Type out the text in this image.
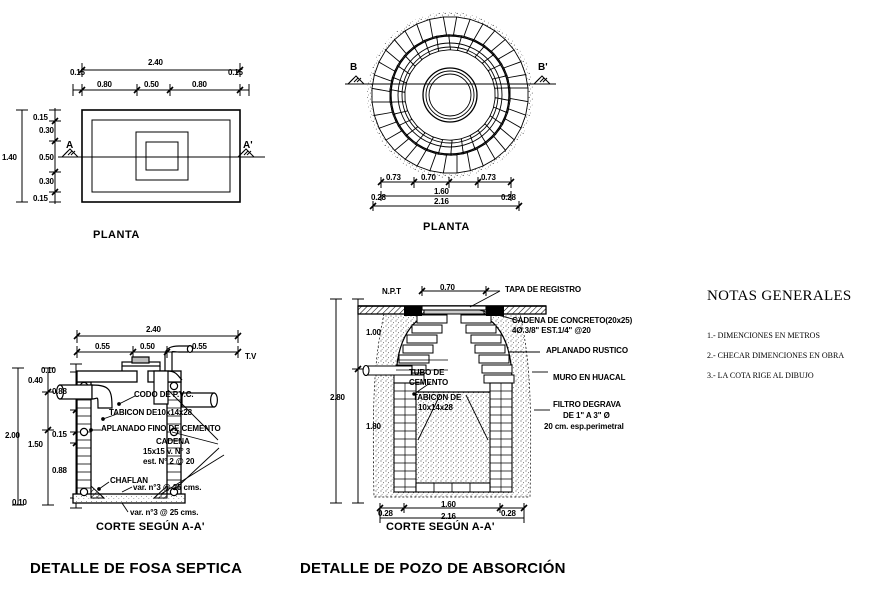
2.40
0.15
0.80	0.50	0.80
0.15
0.15
0.30
0.50
0.30
0.15
1.40
A	A'
PLANTA
B	B'
0.73	0.70	0.73
0.28
1.60
0.28
2.16
PLANTA
2.40
0.55	0.50	0.55
2.00
1.50
0.40
0.10
0.88
0.15
0.88
0.10
T.V
CODO DE P.V.C.
TABICON DE10x14x28
APLANADO FINO DE CEMENTO
CADENA
15x15 v. N° 3
est. N° 2 @ 20
CHAFLAN
var. n°3 @ 25 cms.
var. n°3 @ 25 cms.
CORTE SEGÚN A-A'
N.P.T	0.70	TAPA DE REGISTRO
CADENA DE CONCRETO(20x25)
4Ø 3/8" EST.1/4" @20
APLANADO RUSTICO
MURO EN HUACAL
TUBO DE
CEMENTO
TABICON DE
10x14x28	FILTRO DEGRAVA
DE 1" A 3" Ø
20 cm. esp.perimetral
1.00
2.80
1.80
0.28
1.60
0.28
2.16
CORTE SEGÚN A-A'
NOTAS GENERALES
1.- DIMENCIONES EN METROS
2.- CHECAR DIMENCIONES EN OBRA
3.- LA COTA RIGE AL DIBUJO
DETALLE DE FOSA SEPTICA	DETALLE DE POZO DE ABSORCIÓN
